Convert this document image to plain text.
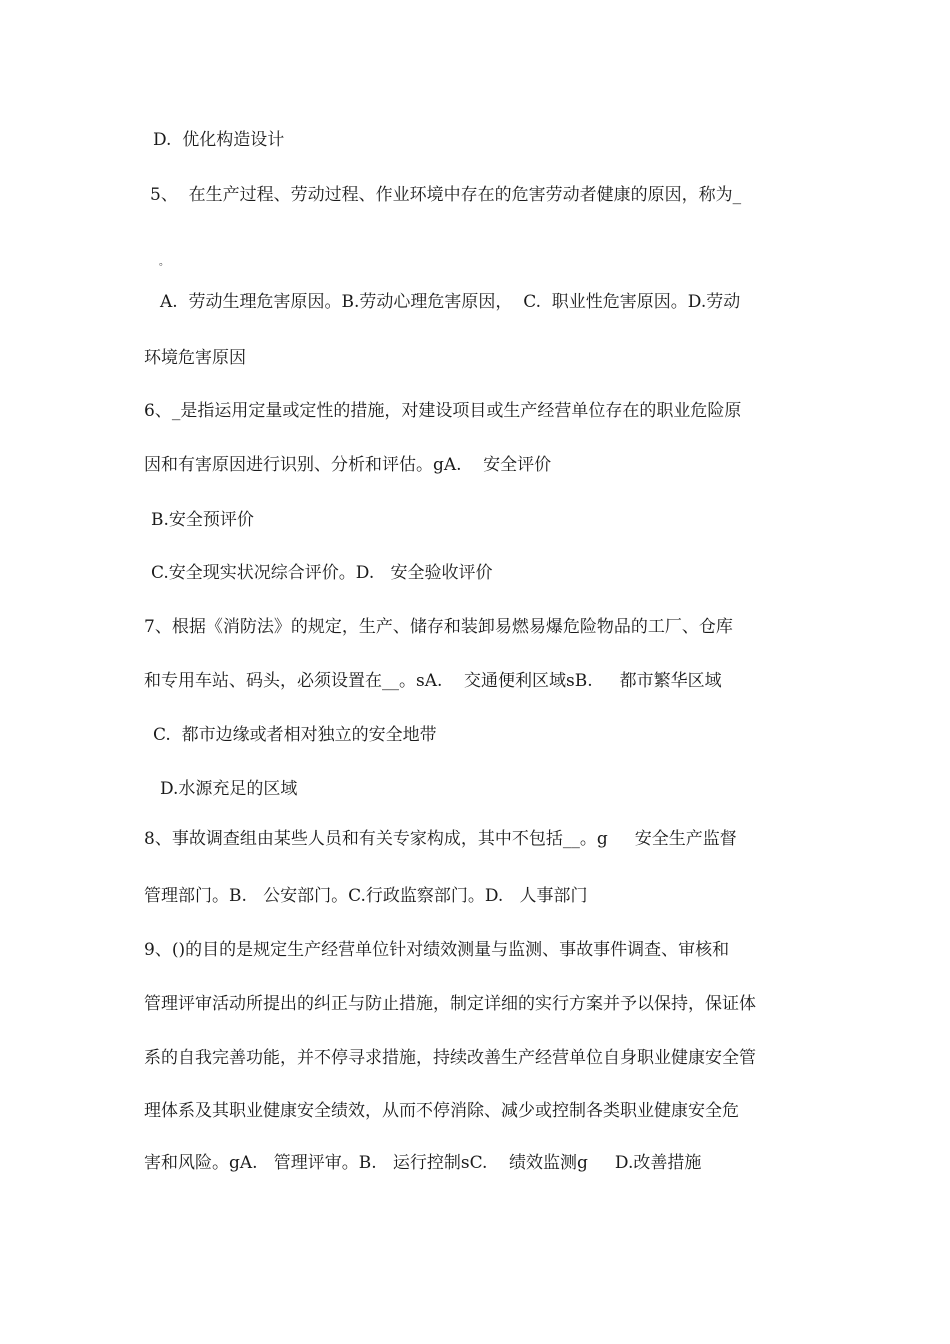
D.  优化构造设计
5、  在生产过程、劳动过程、作业环境中存在的危害劳动者健康的原因，称为_
。
A.  劳动生理危害原因。B.劳动心理危害原因，  C.  职业性危害原因。D.劳动
环境危害原因
6、_是指运用定量或定性的措施，对建设项目或生产经营单位存在的职业危险原
因和有害原因进行识别、分析和评估。gA.    安全评价
B.安全预评价
C.安全现实状况综合评价。D.   安全验收评价
7、根据《消防法》的规定，生产、储存和装卸易燃易爆危险物品的工厂、仓库
和专用车站、码头，必须设置在__。sA.    交通便利区域sB.     都市繁华区域
C.  都市边缘或者相对独立的安全地带
D.水源充足的区域
8、事故调查组由某些人员和有关专家构成，其中不包括__。g     安全生产监督
管理部门。B.   公安部门。C.行政监察部门。D.   人事部门
9、()的目的是规定生产经营单位针对绩效测量与监测、事故事件调查、审核和
管理评审活动所提出的纠正与防止措施，制定详细的实行方案并予以保持，保证体
系的自我完善功能，并不停寻求措施，持续改善生产经营单位自身职业健康安全管
理体系及其职业健康安全绩效，从而不停消除、减少或控制各类职业健康安全危
害和风险。gA.   管理评审。B.   运行控制sC.    绩效监测g     D.改善措施
